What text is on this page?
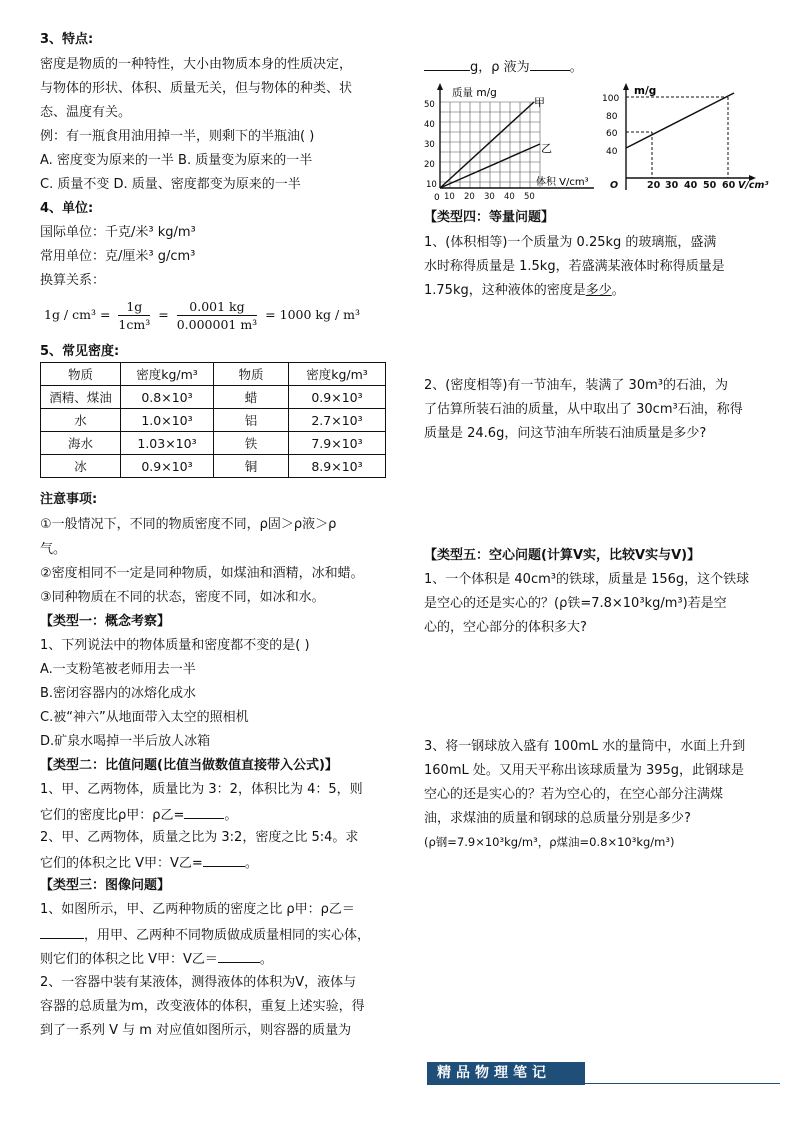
3、特点:
密度是物质的一种特性，大小由物质本身的性质决定，
与物体的形状、体积、质量无关，但与物体的种类、状
态、温度有关。
例：有一瓶食用油用掉一半，则剩下的半瓶油( )
A. 密度变为原来的一半 B. 质量变为原来的一半
C. 质量不变 D. 质量、密度都变为原来的一半
4、单位:
国际单位：千克/米³ kg/m³
常用单位：克/厘米³ g/cm³
换算关系：
$1g / cm^3 = \frac{1g}{\text{1cm³}} = \frac{0.001 kg}{\text{0.000001 m³}} = 1000$ kg / m³
5、常见密度:
物质	密度kg/m³	物质	密度kg/m³
酒精、煤油	0.8×10³	蜡	0.9×10³
水	1.0×10³	铝	2.7×10³
海水	1.03×10³	铁	7.9×10³
冰	0.9×10³	铜	8.9×10³
注意事项:
①一般情况下，不同的物质密度不同，ρ固＞ρ液＞ρ
气。
②密度相同不一定是同种物质，如煤油和酒精，冰和蜡。
③同种物质在不同的状态，密度不同，如冰和水。
【类型一：概念考察】
1、下列说法中的物体质量和密度都不变的是( )
A.一支粉笔被老师用去一半
B.密闭容器内的冰熔化成水
C.被“神六”从地面带入太空的照相机
D.矿泉水喝掉一半后放人冰箱
【类型二：比值问题(比值当做数值直接带入公式)】
1、甲、乙两物体，质量比为 3：2，体积比为 4：5，则
它们的密度比ρ甲：ρ乙=	。
2、甲、乙两物体，质量之比为 3:2，密度之比 5:4。求
它们的体积之比 V甲：V乙=	。
【类型三：图像问题】
1、如图所示，甲、乙两种物质的密度之比 ρ甲：ρ乙＝
，用甲、乙两种不同物质做成质量相同的实心体，
则它们的体积之比 V甲：V乙＝	。
2、一容器中装有某液体，测得液体的体积为V，液体与
容器的总质量为m，改变液体的体积，重复上述实验，得
到了一系列 V 与 m 对应值如图所示，则容器的质量为
g，ρ 液为	。
质量 m/g
50
40
30
20
10
0
甲
乙
体积 V/cm³
10 20 30 40 50
m/g
100
80
60
40
O	20 30 40 50 60 V/cm³
【类型四：等量问题】
1、(体积相等)一个质量为 0.25kg 的玻璃瓶，盛满
水时称得质量是 1.5kg，若盛满某液体时称得质量是
1.75kg，这种液体的密度是多少。
2、(密度相等)有一节油车，装满了 30m³的石油，为
了估算所装石油的质量，从中取出了 30cm³石油，称得
质量是 24.6g，问这节油车所装石油质量是多少?
【类型五：空心问题(计算V实，比较V实与V)】
1、一个体积是 40cm³的铁球，质量是 156g，这个铁球
是空心的还是实心的？(ρ铁=7.8×10³kg/m³)若是空
心的，空心部分的体积多大?
3、将一钢球放入盛有 100mL 水的量筒中，水面上升到
160mL 处。又用天平称出该球质量为 395g，此钢球是
空心的还是实心的？若为空心的，在空心部分注满煤
油，求煤油的质量和钢球的总质量分别是多少?
(ρ钢=7.9×10³kg/m³，ρ煤油=0.8×10³kg/m³)
精品物理笔记
